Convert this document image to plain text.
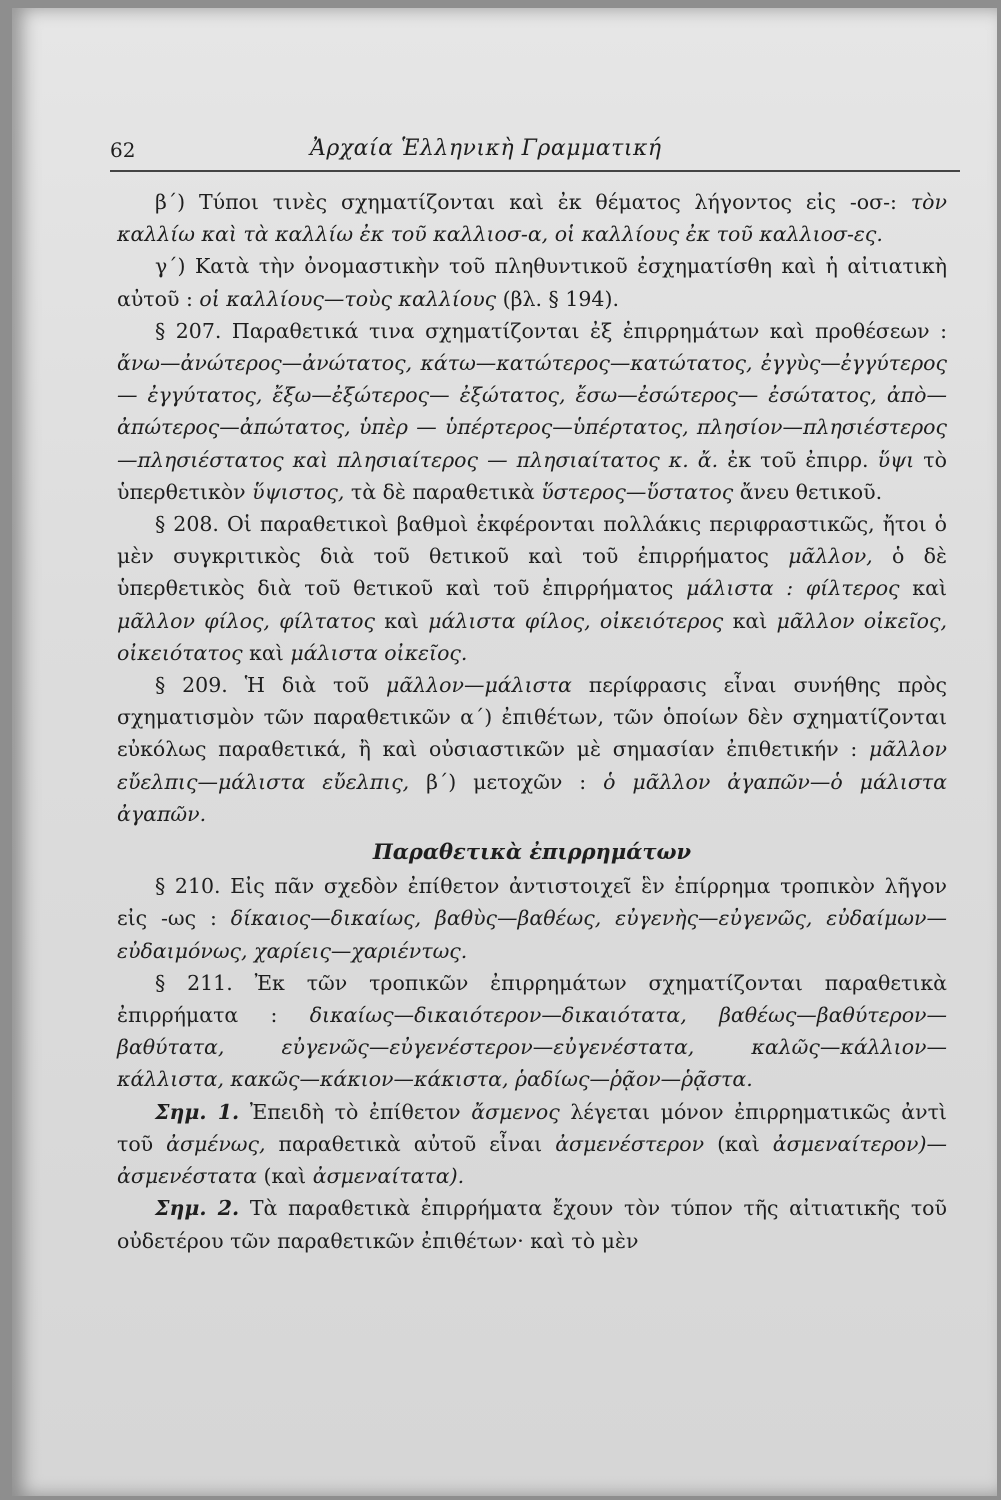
62	Ἀρχαία Ἑλληνικὴ Γραμματική

β΄) Τύποι τινὲς σχηματίζονται καὶ ἐκ θέματος λήγοντος εἰς -οσ-: τὸν καλλίω καὶ τὰ καλλίω ἐκ τοῦ καλλιοσ-α, οἱ καλλίους ἐκ τοῦ καλλιοσ-ες.

γ΄) Κατὰ τὴν ὀνομαστικὴν τοῦ πληθυντικοῦ ἐσχηματίσθη καὶ ἡ αἰτιατικὴ αὐτοῦ : οἱ καλλίους—τοὺς καλλίους (βλ. § 194).

§ 207. Παραθετικά τινα σχηματίζονται ἐξ ἐπιρρημάτων καὶ προθέσεων : ἄνω—ἀνώτερος—ἀνώτατος, κάτω—κατώτερος—κατώτατος, ἐγγὺς—ἐγγύτερος — ἐγγύτατος, ἔξω—ἐξώτερος— ἐξώτατος, ἔσω—ἐσώτερος— ἐσώτατος, ἀπὸ—ἀπώτερος—ἀπώτατος, ὑπὲρ — ὑπέρτερος—ὑπέρτατος, πλησίον—πλησιέστερος—πλησιέστατος καὶ πλησιαίτερος — πλησιαίτατος κ. ἄ. ἐκ τοῦ ἐπιρρ. ὕψι τὸ ὑπερθετικὸν ὕψιστος, τὰ δὲ παραθετικὰ ὕστερος—ὕστατος ἄνευ θετικοῦ.

§ 208. Οἱ παραθετικοὶ βαθμοὶ ἐκφέρονται πολλάκις περιφραστικῶς, ἤτοι ὁ μὲν συγκριτικὸς διὰ τοῦ θετικοῦ καὶ τοῦ ἐπιρρήματος μᾶλλον, ὁ δὲ ὑπερθετικὸς διὰ τοῦ θετικοῦ καὶ τοῦ ἐπιρρήματος μάλιστα : φίλτερος καὶ μᾶλλον φίλος, φίλτατος καὶ μάλιστα φίλος, οἰκειότερος καὶ μᾶλλον οἰκεῖος, οἰκειότατος καὶ μάλιστα οἰκεῖος.

§ 209. Ἡ διὰ τοῦ μᾶλλον—μάλιστα περίφρασις εἶναι συνήθης πρὸς σχηματισμὸν τῶν παραθετικῶν α΄) ἐπιθέτων, τῶν ὁποίων δὲν σχηματίζονται εὐκόλως παραθετικά, ἢ καὶ οὐσιαστικῶν μὲ σημασίαν ἐπιθετικήν : μᾶλλον εὔελπις—μάλιστα εὔελπις, β΄) μετοχῶν : ὁ μᾶλλον ἀγαπῶν—ὁ μάλιστα ἀγαπῶν.

Παραθετικὰ ἐπιρρημάτων

§ 210. Εἰς πᾶν σχεδὸν ἐπίθετον ἀντιστοιχεῖ ἓν ἐπίρρημα τροπικὸν λῆγον εἰς -ως : δίκαιος—δικαίως, βαθὺς—βαθέως, εὐγενὴς—εὐγενῶς, εὐδαίμων—εὐδαιμόνως, χαρίεις—χαριέντως.

§ 211. Ἐκ τῶν τροπικῶν ἐπιρρημάτων σχηματίζονται παραθετικὰ ἐπιρρήματα : δικαίως—δικαιότερον—δικαιότατα, βαθέως—βαθύτερον—βαθύτατα, εὐγενῶς—εὐγενέστερον—εὐγενέστατα, καλῶς—κάλλιον—κάλλιστα, κακῶς—κάκιον—κάκιστα, ῥαδίως—ῥᾷον—ῥᾷστα.

Σημ. 1. Ἐπειδὴ τὸ ἐπίθετον ἄσμενος λέγεται μόνον ἐπιρρηματικῶς ἀντὶ τοῦ ἀσμένως, παραθετικὰ αὐτοῦ εἶναι ἀσμενέστερον (καὶ ἀσμεναίτερον)—ἀσμενέστατα (καὶ ἀσμεναίτατα).

Σημ. 2. Τὰ παραθετικὰ ἐπιρρήματα ἔχουν τὸν τύπον τῆς αἰτιατικῆς τοῦ οὐδετέρου τῶν παραθετικῶν ἐπιθέτων· καὶ τὸ μὲν
